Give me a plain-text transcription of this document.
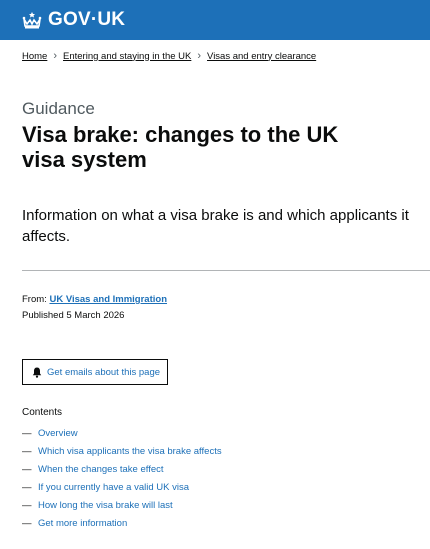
GOV·UK
Home › Entering and staying in the UK › Visas and entry clearance
Guidance
Visa brake: changes to the UK visa system

Information on what a visa brake is and which applicants it affects.

From: UK Visas and Immigration
Published 5 March 2026
Get emails about this page
Contents
— Overview
— Which visa applicants the visa brake affects
— When the changes take effect
— If you currently have a valid UK visa
— How long the visa brake will last
— Get more information
